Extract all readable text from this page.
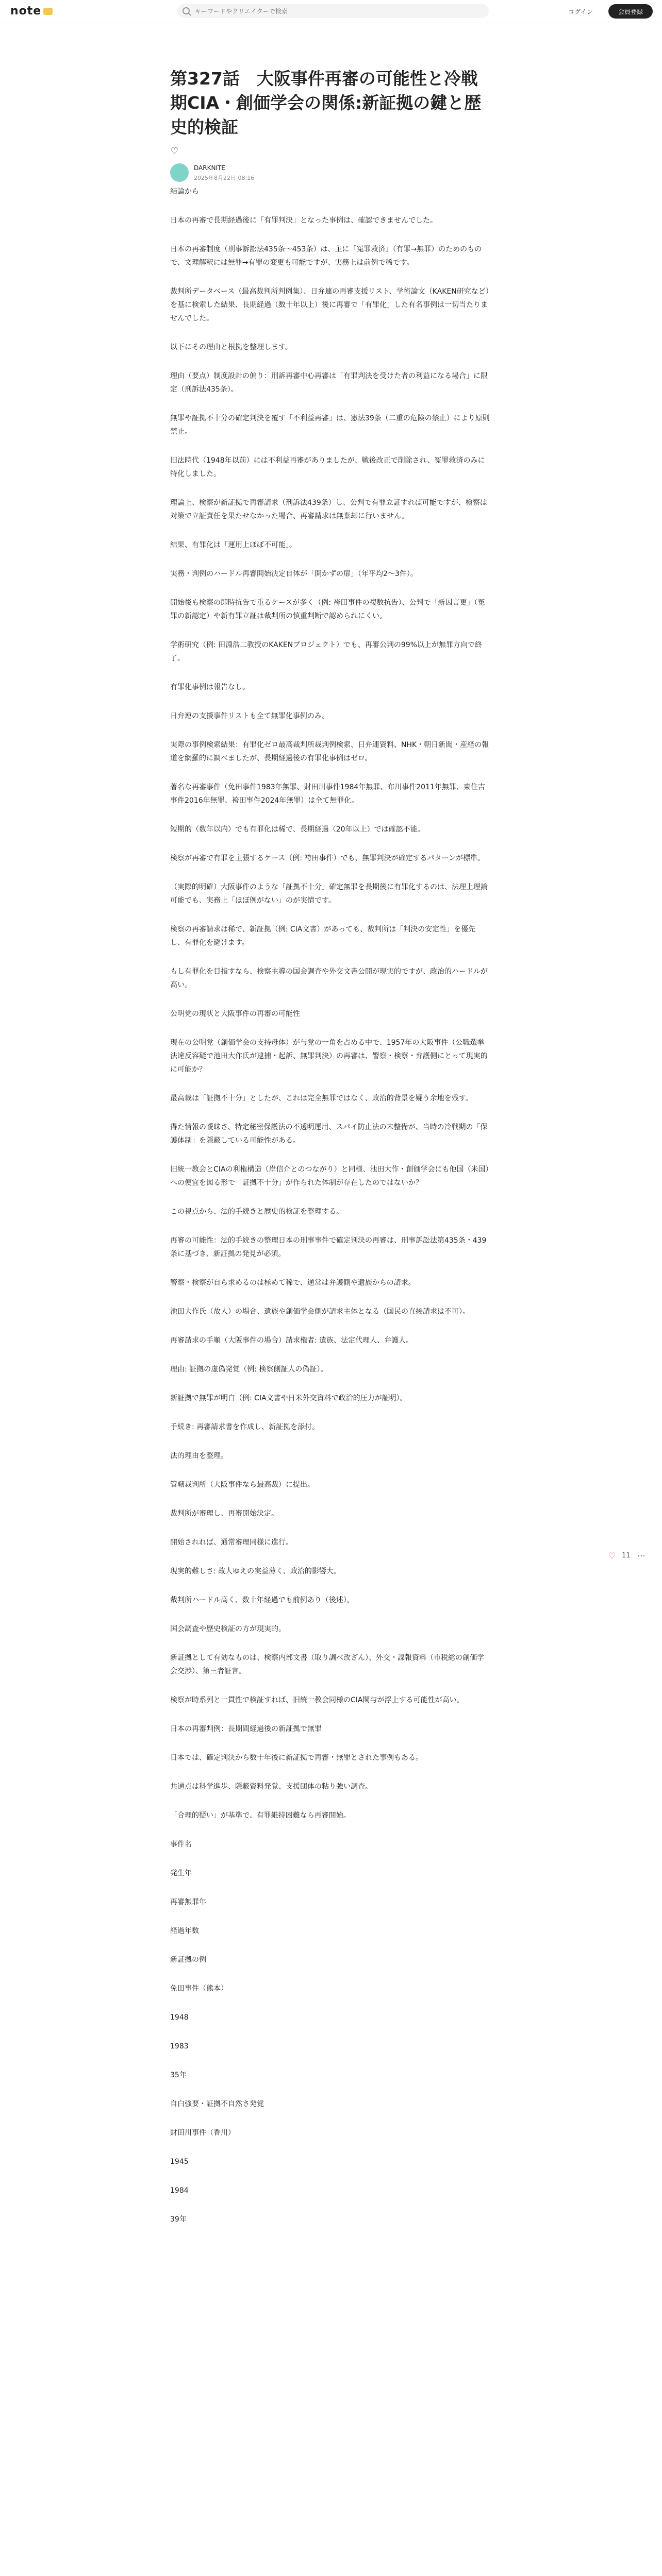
note
キーワードやクリエイターで検索	ログイン	会員登録
第327話　大阪事件再審の可能性と冷戦期CIA・創価学会の関係:新証拠の鍵と歴史的検証
♡
DARKNITE
2025年8月22日 08:16

結論から

日本の再審で長期経過後に「有罪判決」となった事例は、確認できませんでした。

日本の再審制度（刑事訴訟法435条〜453条）は、主に「冤罪救済」（有罪→無罪）のためのもので、文理解釈には無罪→有罪の変更も可能ですが、実務上は前例で稀です。

裁判所データベース（最高裁判所判例集）、日弁連の再審支援リスト、学術論文（KAKEN研究など）を基に検索した結果、長期経過（数十年以上）後に再審で「有罪化」した有名事例は一切当たりませんでした。

以下にその理由と根拠を整理します。

理由（要点）制度設計の偏り：刑訴再審中心再審は「有罪判決を受けた者の利益になる場合」に限定（刑訴法435条）。

無罪や証拠不十分の確定判決を覆す「不利益再審」は、憲法39条（二重の危険の禁止）により原則禁止。

旧法時代（1948年以前）には不利益再審がありましたが、戦後改正で削除され、冤罪救済のみに特化しました。

理論上、検察が新証拠で再審請求（刑訴法439条）し、公判で有罪立証すれば可能ですが、検察は対策で立証責任を果たせなかった場合、再審請求は無棄却に行いません。

結果、有罪化は「運用上ほぼ不可能」。

実務・判例のハードル再審開始決定自体が「開かずの扉」（年平均2〜3件）。

開始後も検察の即時抗告で重るケースが多く（例: 袴田事件の複数抗告）、公判で「新因言更」（冤罪の新認定）や新有罪立証は裁判所の慎重判断で認められにくい。

学術研究（例: 田淵浩二教授のKAKENプロジェクト）でも、再審公判の99%以上が無罪方向で終了。

有罪化事例は報告なし。

日弁連の支援事件リストも全て無罪化事例のみ。

実際の事例検索結果：有罪化ゼロ最高裁判所裁判例検索、日弁連資料、NHK・朝日新聞・産経の報道を網羅的に調べましたが、長期経過後の有罪化事例はゼロ。

著名な再審事件（免田事件1983年無罪、財田川事件1984年無罪、布川事件2011年無罪、東住吉事件2016年無罪、袴田事件2024年無罪）は全て無罪化。

短期的（数年以内）でも有罪化は稀で、長期経過（20年以上）では確認不能。

検察が再審で有罪を主張するケース（例: 袴田事件）でも、無罪判決が確定するパターンが標準。

（実際的明確）大阪事件のような「証拠不十分」確定無罪を長期後に有罪化するのは、法理上理論可能でも、実務上「ほぼ例がない」のが実情です。

検察の再審請求は稀で、新証拠（例: CIA文書）があっても、裁判所は「判決の安定性」を優先し、有罪化を避けます。

もし有罪化を目指すなら、検察主導の国会調査や外交文書公開が現実的ですが、政治的ハードルが高い。

公明党の現状と大阪事件の再審の可能性

現在の公明党（創価学会の支持母体）が与党の一角を占める中で、1957年の大阪事件（公職選挙法違反容疑で池田大作氏が逮捕・起訴、無罪判決）の再審は、警察・検察・弁護側にとって現実的に可能か？

最高裁は「証拠不十分」としたが、これは完全無罪ではなく、政治的背景を疑う余地を残す。

得た情報の曖昧さ、特定秘密保護法の不透明運用、スパイ防止法の未整備が、当時の冷戦期の「保護体制」を隠蔽している可能性がある。

旧統一教会とCIAの利権構造（岸信介とのつながり）と同様、池田大作・創価学会にも他国（米国）への便宜を図る形で「証拠不十分」が作られた体制が存在したのではないか？

この視点から、法的手続きと歴史的検証を整理する。

再審の可能性：法的手続きの整理日本の刑事事件で確定判決の再審は、刑事訴訟法第435条・439条に基づき、新証拠の発見が必須。

警察・検察が自ら求めるのは極めて稀で、通常は弁護側や遺族からの請求。

池田大作氏（故人）の場合、遺族や創価学会側が請求主体となる（国民の直接請求は不可）。

再審請求の手順（大阪事件の場合）請求権者: 遺族、法定代理人、弁護人。

理由: 証拠の虚偽発覚（例: 検察側証人の偽証）。

新証拠で無罪が明白（例: CIA文書や日米外交資料で政治的圧力が証明）。

手続き: 再審請求書を作成し、新証拠を添付。

法的理由を整理。

管轄裁判所（大阪事件なら最高裁）に提出。

裁判所が審理し、再審開始決定。

開始されれば、通常審理同様に進行。

現実的難しさ: 故人ゆえの実益薄く、政治的影響大。

裁判所ハードル高く、数十年経過でも前例あり（後述）。

国会調査や歴史検証の方が現実的。

新証拠として有効なものは、検察内部文書（取り調べ改ざん）、外交・諜報資料（市税総の創価学会交渉）、第三者証言。

検察が時系列と一貫性で検証すれば、旧統一教会同様のCIA関与が浮上する可能性が高い。

日本の再審判例：長期間経過後の新証拠で無罪

日本では、確定判決から数十年後に新証拠で再審・無罪とされた事例もある。

共通点は科学進歩、隠蔽資料発覚、支援団体の粘り強い調査。

「合理的疑い」が基準で、有罪維持困難なら再審開始。

事件名

発生年

再審無罪年

経過年数

新証拠の例

免田事件（熊本）

1948

1983

35年

自白強要・証拠不自然さ発覚

財田川事件（香川）

1945

1984

39年

♡ 11 ⋯
